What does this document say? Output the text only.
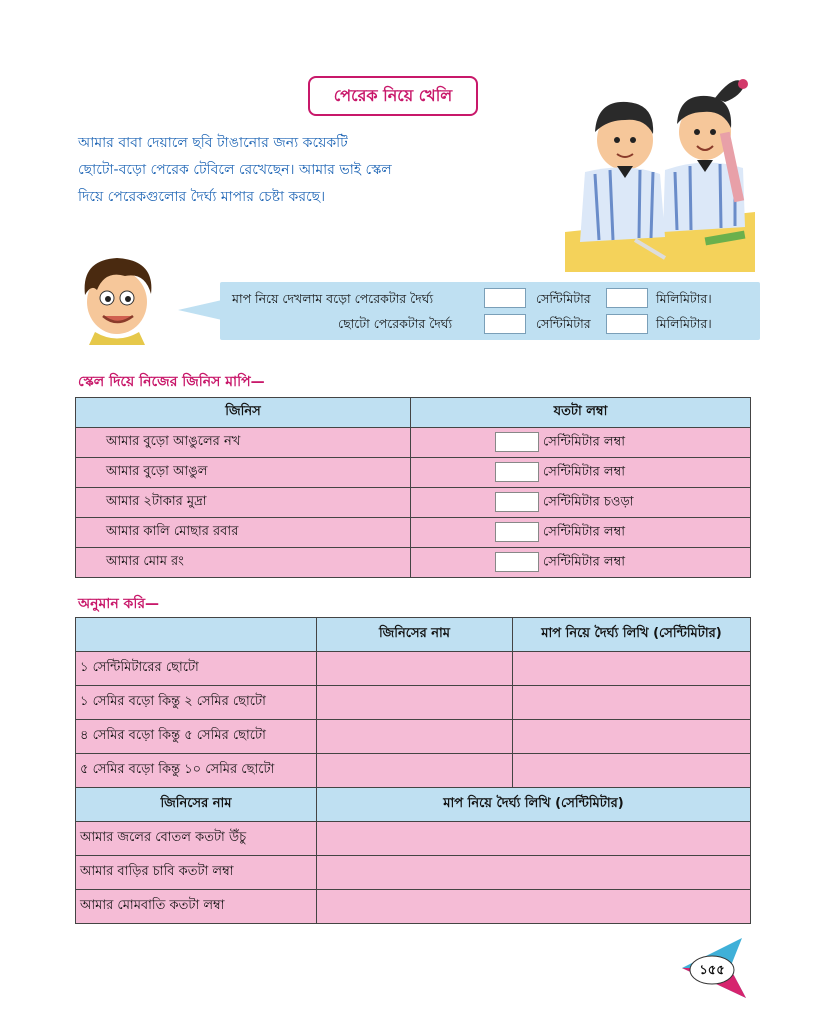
পেরেক নিয়ে খেলি
আমার বাবা দেয়ালে ছবি টাঙানোর জন্য কয়েকটি
ছোটো-বড়ো পেরেক টেবিলে রেখেছেন। আমার ভাই স্কেল
দিয়ে পেরেকগুলোর দৈর্ঘ্য মাপার চেষ্টা করছে।
মাপ নিয়ে দেখলাম বড়ো পেরেকটার দৈর্ঘ্য	সেন্টিমিটার	মিলিমিটার।
ছোটো পেরেকটার দৈর্ঘ্য	সেন্টিমিটার	মিলিমিটার।
স্কেল দিয়ে নিজের জিনিস মাপি—
জিনিস	যতটা লম্বা
আমার বুড়ো আঙুলের নখ	সেন্টিমিটার লম্বা
আমার বুড়ো আঙুল	সেন্টিমিটার লম্বা
আমার ২টাকার মুদ্রা	সেন্টিমিটার চওড়া
আমার কালি মোছার রবার	সেন্টিমিটার লম্বা
আমার মোম রং	সেন্টিমিটার লম্বা
অনুমান করি—
	জিনিসের নাম	মাপ নিয়ে দৈর্ঘ্য লিখি (সেন্টিমিটার)
১ সেন্টিমিটারের ছোটো		
১ সেমির বড়ো কিন্তু ২ সেমির ছোটো		
৪ সেমির বড়ো কিন্তু ৫ সেমির ছোটো		
৫ সেমির বড়ো কিন্তু ১০ সেমির ছোটো		
জিনিসের নাম	মাপ নিয়ে দৈর্ঘ্য লিখি (সেন্টিমিটার)	
আমার জলের বোতল কতটা উঁচু		
আমার বাড়ির চাবি কতটা লম্বা		
আমার মোমবাতি কতটা লম্বা		
১৫৫
